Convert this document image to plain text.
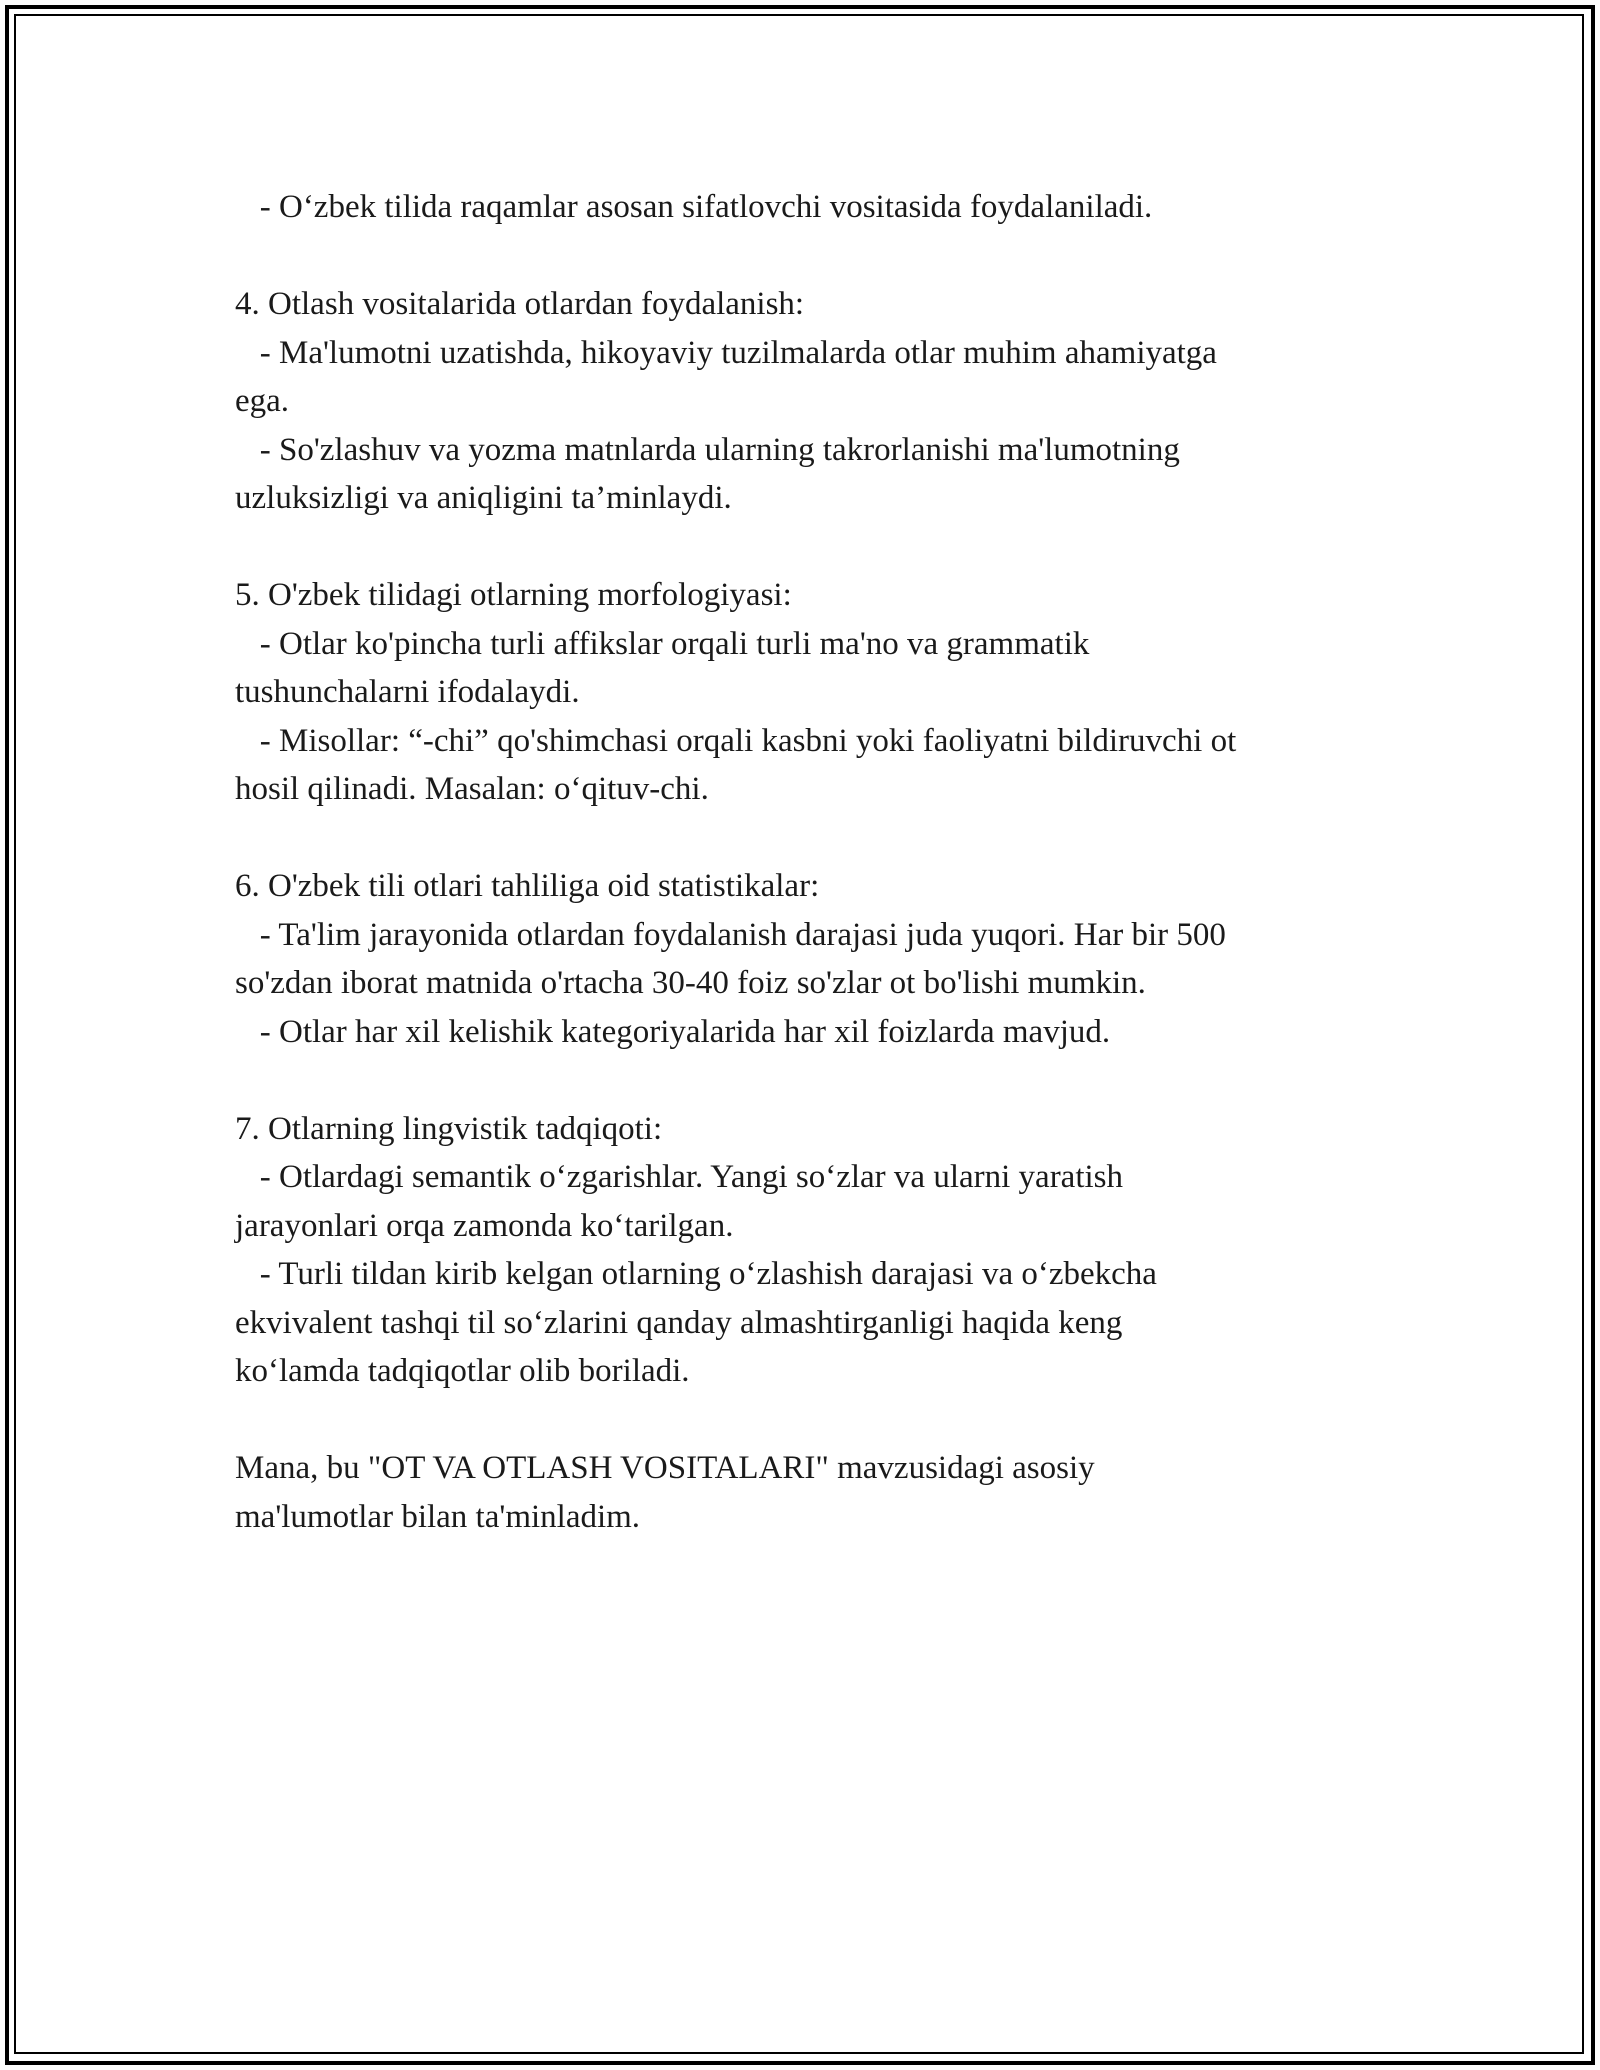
- O‘zbek tilida raqamlar asosan sifatlovchi vositasida foydalaniladi.
4. Otlash vositalarida otlardan foydalanish:
- Ma'lumotni uzatishda, hikoyaviy tuzilmalarda otlar muhim ahamiyatga
ega.
- So'zlashuv va yozma matnlarda ularning takrorlanishi ma'lumotning
uzluksizligi va aniqligini ta’minlaydi.
5. O'zbek tilidagi otlarning morfologiyasi:
- Otlar ko'pincha turli affikslar orqali turli ma'no va grammatik
tushunchalarni ifodalaydi.
- Misollar: “-chi” qo'shimchasi orqali kasbni yoki faoliyatni bildiruvchi ot
hosil qilinadi. Masalan: o‘qituv-chi.
6. O'zbek tili otlari tahliliga oid statistikalar:
- Ta'lim jarayonida otlardan foydalanish darajasi juda yuqori. Har bir 500
so'zdan iborat matnida o'rtacha 30-40 foiz so'zlar ot bo'lishi mumkin.
- Otlar har xil kelishik kategoriyalarida har xil foizlarda mavjud.
7. Otlarning lingvistik tadqiqoti:
- Otlardagi semantik o‘zgarishlar. Yangi so‘zlar va ularni yaratish
jarayonlari orqa zamonda ko‘tarilgan.
- Turli tildan kirib kelgan otlarning o‘zlashish darajasi va o‘zbekcha
ekvivalent tashqi til so‘zlarini qanday almashtirganligi haqida keng
ko‘lamda tadqiqotlar olib boriladi.
Mana, bu "OT VA OTLASH VOSITALARI" mavzusidagi asosiy
ma'lumotlar bilan ta'minladim.
